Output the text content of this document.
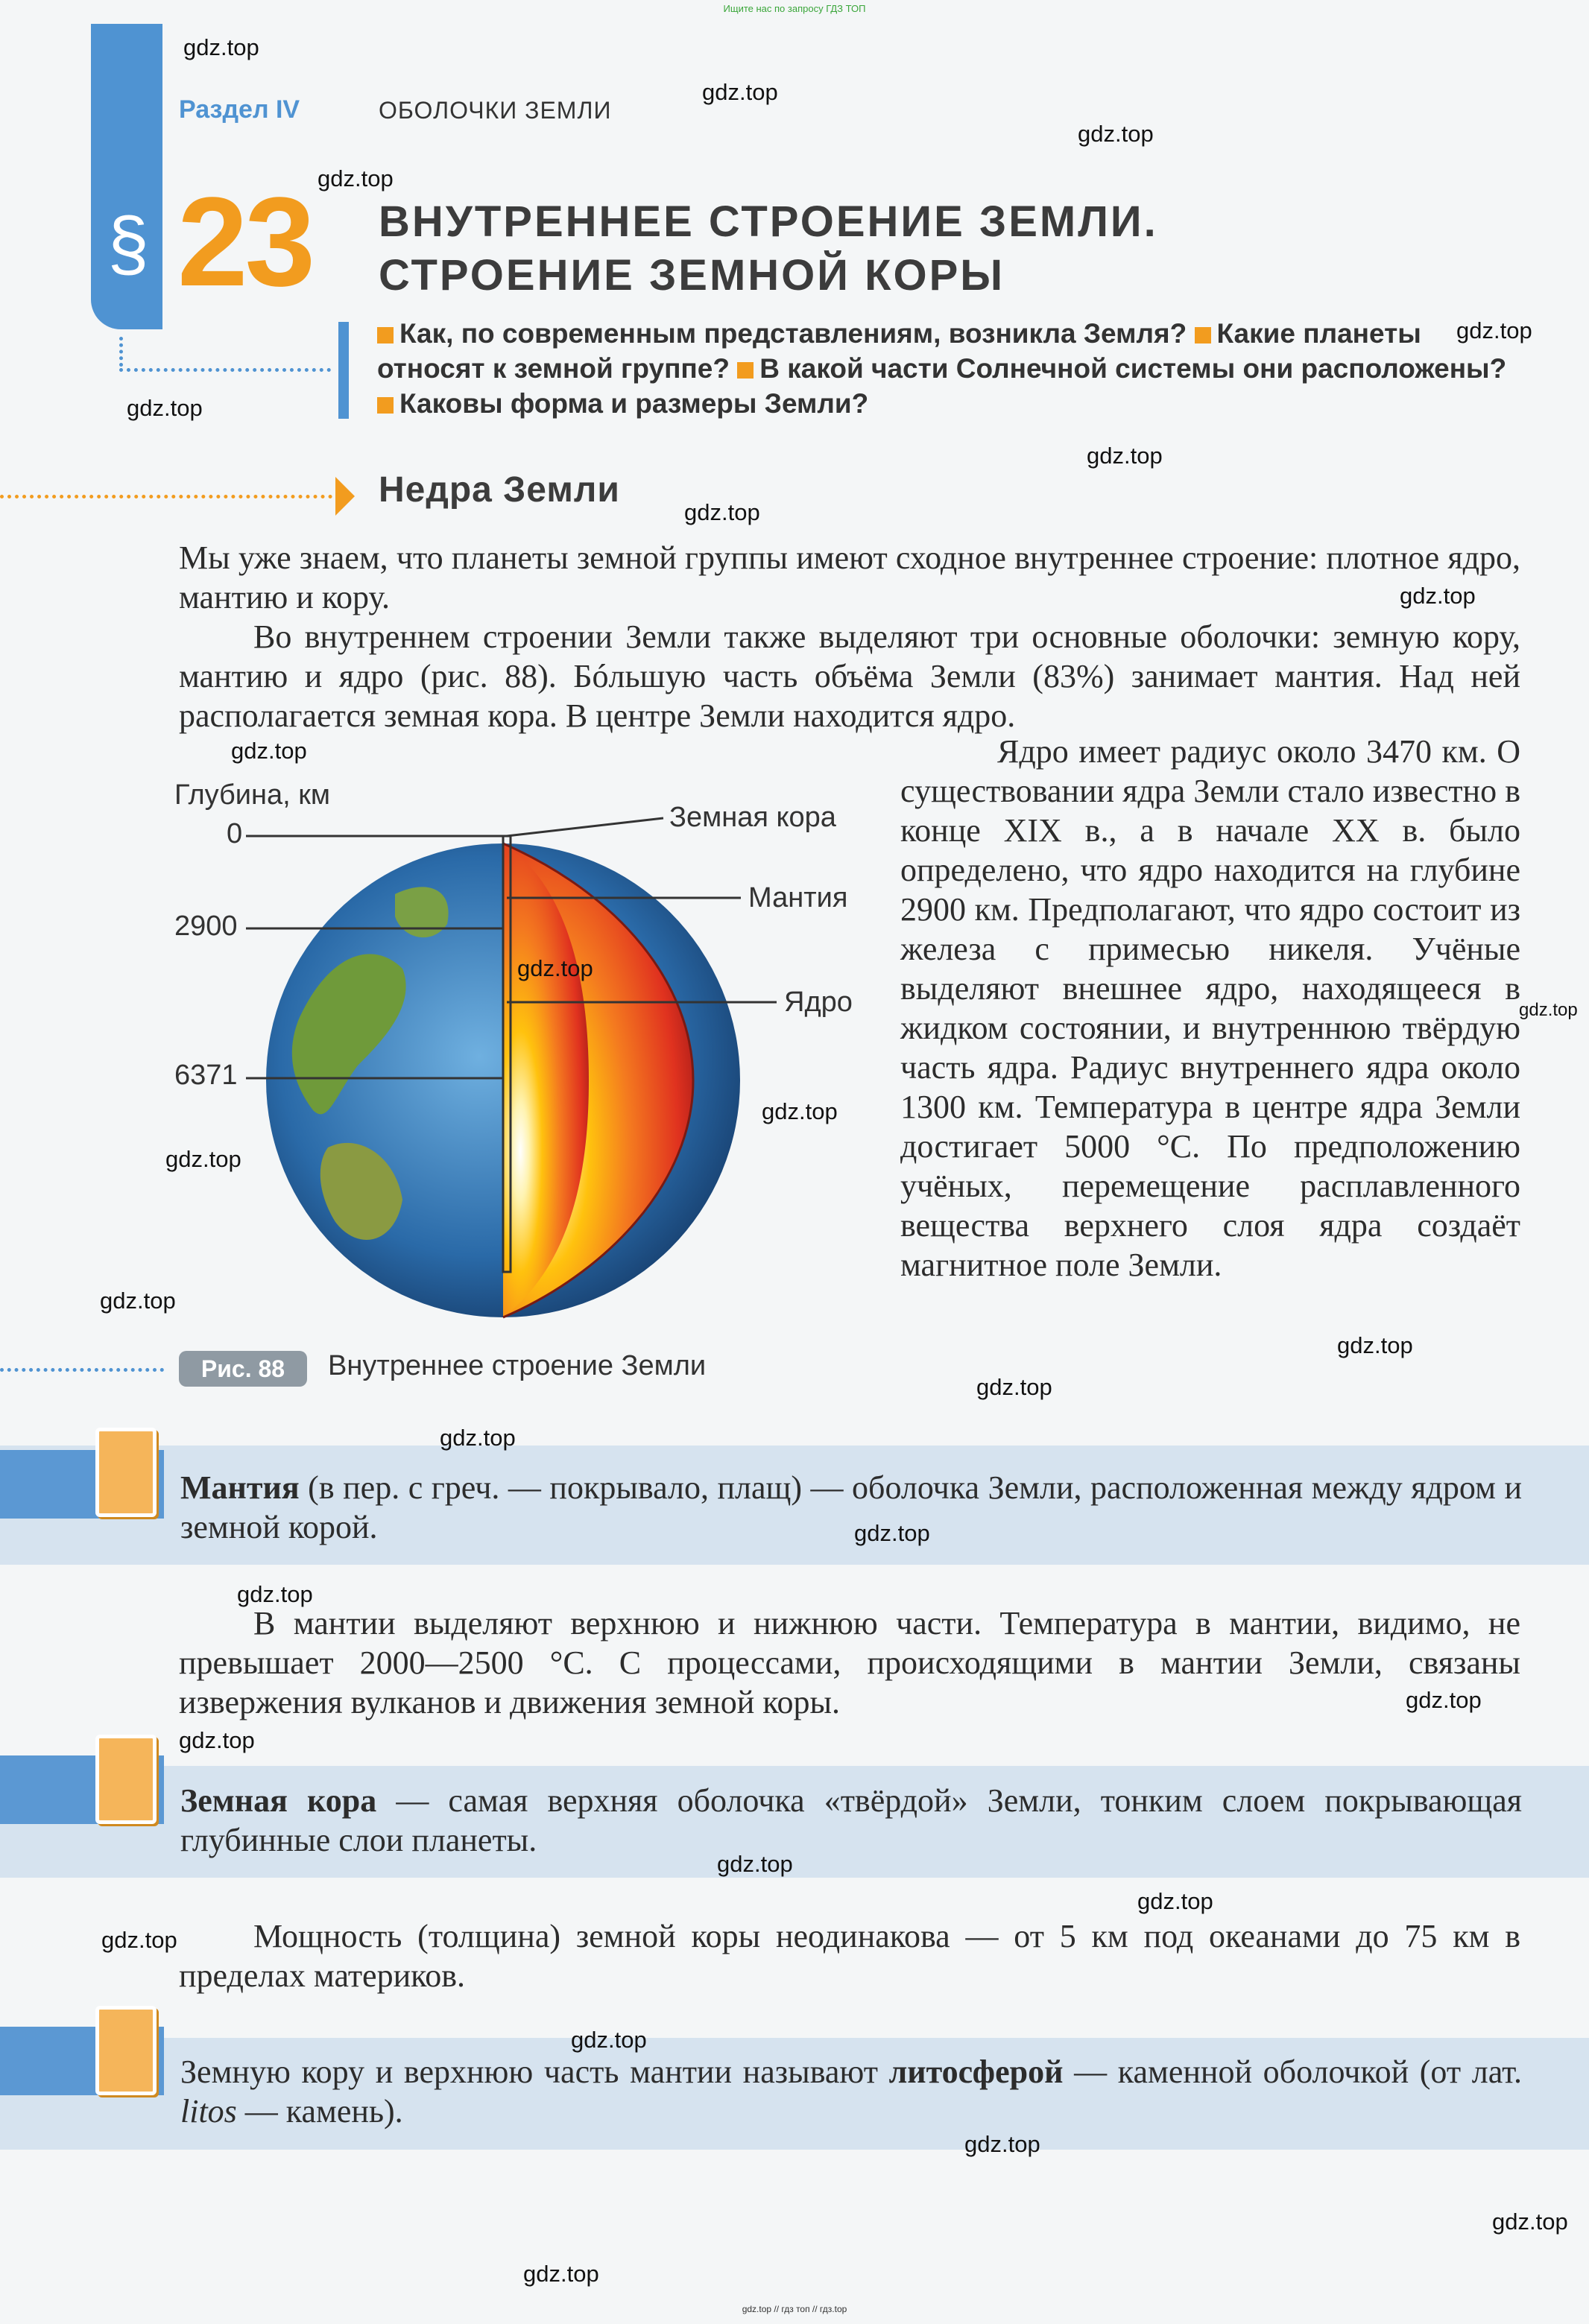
Ищите нас по запросу ГДЗ ТОП
§
Раздел IV	ОБОЛОЧКИ ЗЕМЛИ
23 ВНУТРЕННЕЕ СТРОЕНИЕ ЗЕМЛИ.
СТРОЕНИЕ ЗЕМНОЙ КОРЫ
Как, по современным представлениям, возникла Земля? Какие планеты относят к земной группе? В какой части Солнечной системы они расположены? Каковы форма и размеры Земли?
Недра Земли
Мы уже знаем, что планеты земной группы имеют сходное внутреннее строение: плотное ядро, мантию и кору.
Во внутреннем строении Земли также выделяют три основные оболочки: земную кору, мантию и ядро (рис. 88). Бóльшую часть объёма Земли (83%) занимает мантия. Над ней располагается земная кора. В центре Земли находится ядро.
Ядро имеет радиус около 3470 км. О существовании ядра Земли стало известно в конце XIX в., а в начале XX в. было определено, что ядро находится на глубине 2900 км. Предполагают, что ядро состоит из железа с примесью никеля. Учёные выделяют внешнее ядро, находящееся в жидком состоянии, и внутреннюю твёрдую часть ядра. Радиус внутреннего ядра около 1300 км. Температура в центре ядра Земли достигает 5000 °C. По предположению учёных, перемещение расплавленного вещества верхнего слоя ядра создаёт магнитное поле Земли.
Глубина, км
0
2900
6371
Земная кора
Мантия
Ядро
Рис. 88	Внутреннее строение Земли
Мантия (в пер. с греч. — покрывало, плащ) — оболочка Земли, расположенная между ядром и земной корой.
В мантии выделяют верхнюю и нижнюю части. Температура в мантии, видимо, не превышает 2000—2500 °C. С процессами, происходящими в мантии Земли, связаны извержения вулканов и движения земной коры.
Земная кора — самая верхняя оболочка «твёрдой» Земли, тонким слоем покрывающая глубинные слои планеты.
Мощность (толщина) земной коры неодинакова — от 5 км под океанами до 75 км в пределах материков.
Земную кору и верхнюю часть мантии называют литосферой — каменной оболочкой (от лат. litos — камень).
gdz.top
gdz.top
gdz.top
gdz.top
gdz.top
gdz.top
gdz.top
gdz.top
gdz.top
gdz.top
gdz.top
gdz.top
gdz.top
gdz.top
gdz.top
gdz.top
gdz.top
gdz.top
gdz.top
gdz.top
gdz.top
gdz.top
gdz.top
gdz.top
gdz.top
gdz.top
gdz.top
gdz.top
gdz.top
gdz.top // гдз топ // гдз.top
